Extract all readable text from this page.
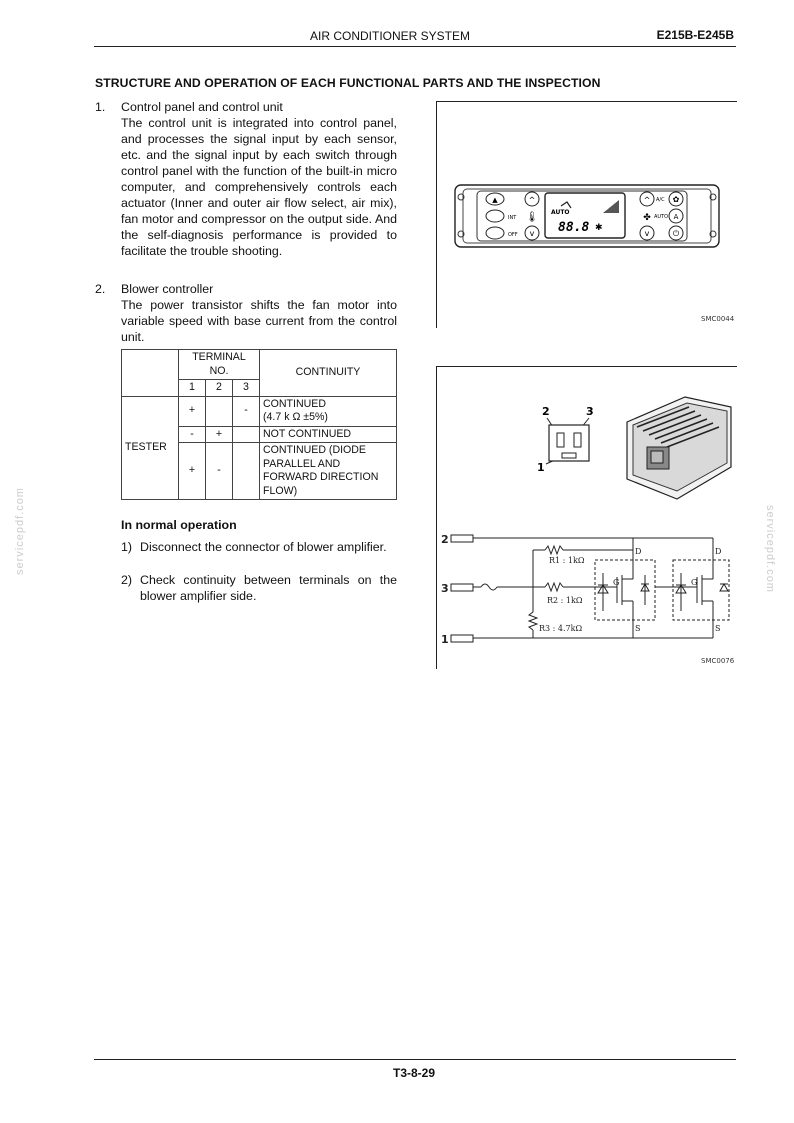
AIR CONDITIONER SYSTEM	E215B-E245B
STRUCTURE AND OPERATION OF EACH FUNCTIONAL PARTS AND THE INSPECTION
1. Control panel and control unit
The control unit is integrated into control panel, and processes the signal input by each sensor, etc. and the signal input by each switch through control panel with the function of the built-in micro computer, and comprehensively controls each actuator (Inner and outer air flow select, air mix), fan motor and compressor on the output side. And the self-diagnosis performance is provided to facilitate the trouble shooting.
2. Blower controller
The power transistor shifts the fan motor into variable speed with base current from the control unit.
	TERMINAL NO.			CONTINUITY
	1	2	3	
TESTER	+		-	CONTINUED
(4.7 k Ω ±5%)

	-	+		NOT CONTINUED
	+	-		CONTINUED (DIODE PARALLEL AND FORWARD DIRECTION FLOW)
In normal operation
1) Disconnect the connector of blower amplifier.
2) Check continuity between terminals on the blower amplifier side.
▲
INT
OFF
^
🌡
v
AUTO
88.8 ✱
^
✤
v
✿
A/C
A
AUTO
⏻
SMC0044
2	3
1
2
3
1
R1 : 1kΩ
R2 : 1kΩ
R3 : 4.7kΩ
D
G
S
D
G
S
SMC0076
servicepdf.com	servicepdf.com
T3-8-29
